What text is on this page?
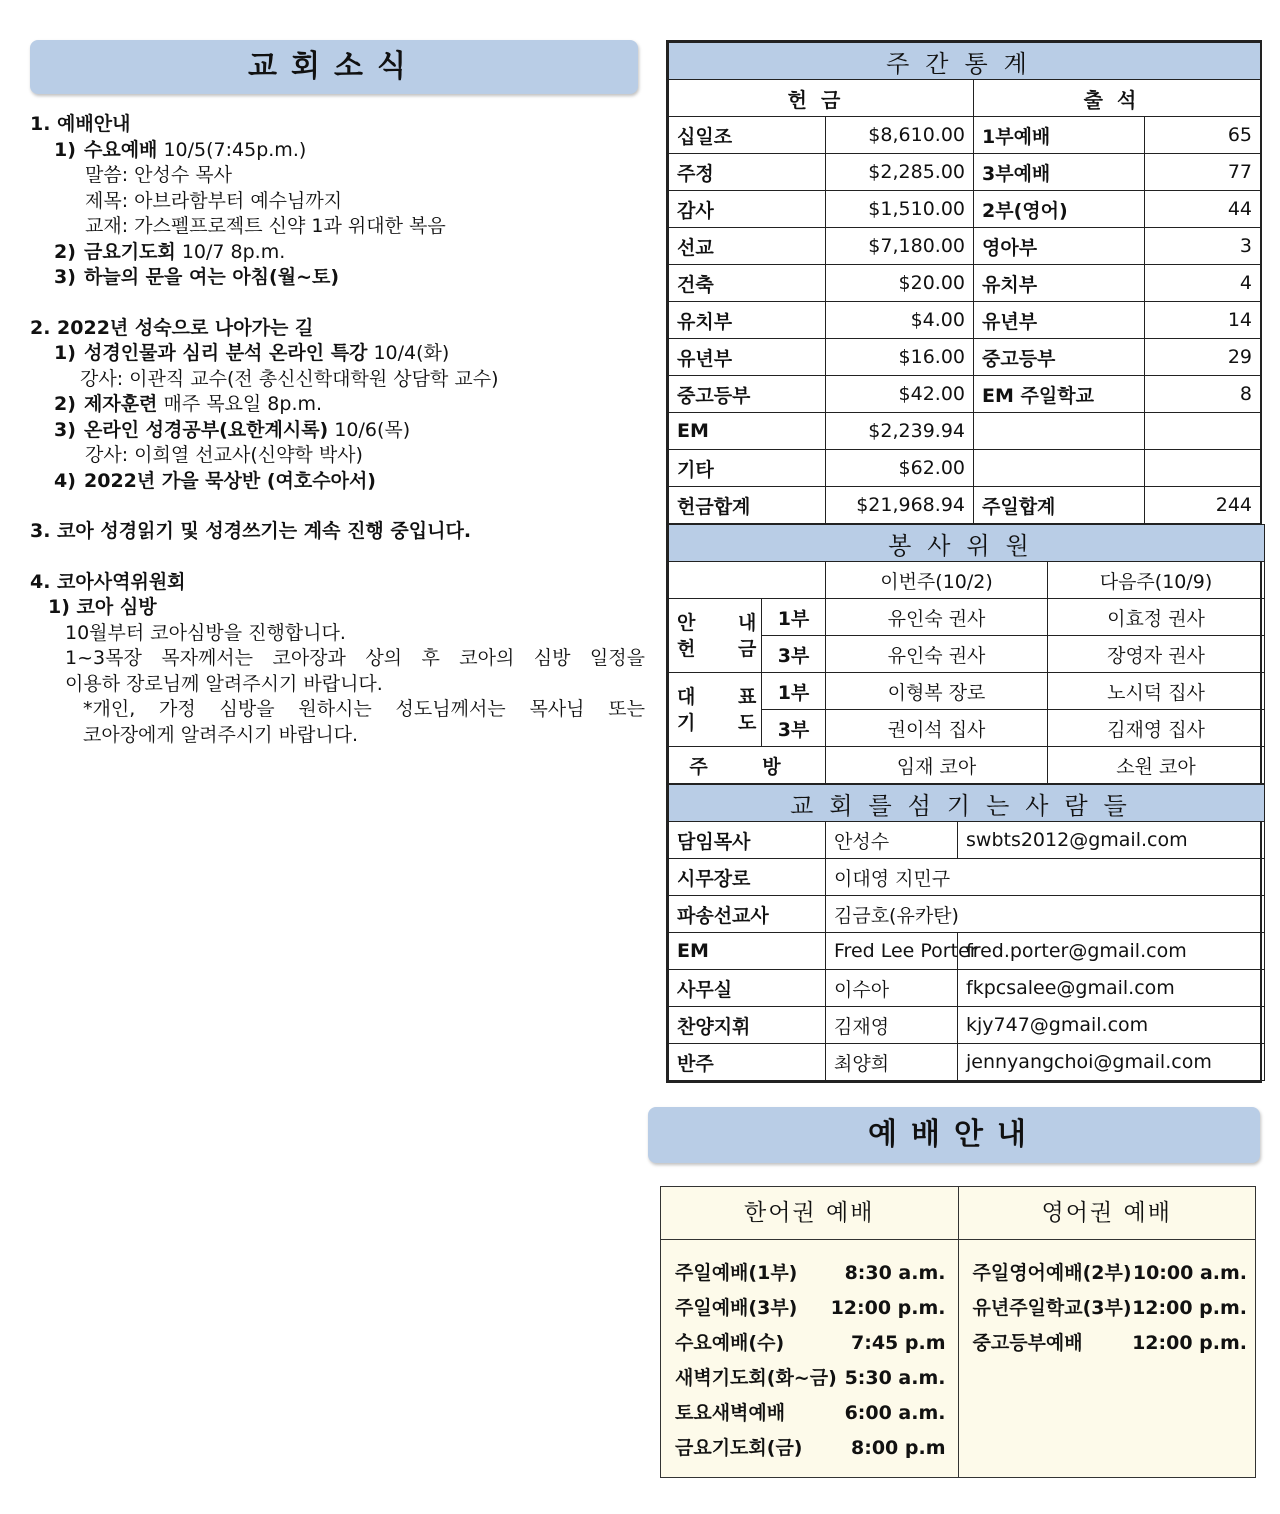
교회소식
1. 예배안내
1) 수요예배 10/5(7:45p.m.)
말씀: 안성수 목사
제목: 아브라함부터 예수님까지
교재: 가스펠프로젝트 신약 1과 위대한 복음
2) 금요기도회 10/7 8p.m.
3) 하늘의 문을 여는 아침(월~토)
2. 2022년 성숙으로 나아가는 길
1) 성경인물과 심리 분석 온라인 특강 10/4(화)
강사: 이관직 교수(전 총신신학대학원 상담학 교수)
2) 제자훈련 매주 목요일 8p.m.
3) 온라인 성경공부(요한계시록) 10/6(목)
강사: 이희열 선교사(신약학 박사)
4) 2022년 가을 묵상반 (여호수아서)
3. 코아 성경읽기 및 성경쓰기는 계속 진행 중입니다.
4. 코아사역위원회
1) 코아 심방
10월부터 코아심방을 진행합니다.
1~3목장 목자께서는 코아장과 상의 후 코아의 심방 일정을
이용하 장로님께 알려주시기 바랍니다.
*개인, 가정 심방을 원하시는 성도님께서는 목사님 또는
코아장에게 알려주시기 바랍니다.
주간통계			
헌금		출석	
십일조	$8,610.00	1부예배	65
주정	$2,285.00	3부예배	77
감사	$1,510.00	2부(영어)	44
선교	$7,180.00	영아부	3
건축	$20.00	유치부	4
유치부	$4.00	유년부	14
유년부	$16.00	중고등부	29
중고등부	$42.00	EM 주일학교	8
EM	$2,239.94		
기타	$62.00		
헌금합계	$21,968.94	주일합계	244
봉사위원			
		이번주(10/2)	다음주(10/9)

안 내
헌 금	1부	유인숙 권사	이효정 권사
	3부	유인숙 권사	장영자 권사

대 표
기 도	1부	이형복 장로	노시덕 집사
	3부	권이석 집사	김재영 집사
주 방		임재 코아	소원 코아
교회를섬기는사람들		
담임목사	안성수	swbts2012@gmail.com
시무장로	이대영 지민구	
파송선교사	김금호(유카탄)	
EM	Fred Lee Porter	fred.porter@gmail.com
사무실	이수아	fkpcsalee@gmail.com
찬양지휘	김재영	kjy747@gmail.com
반주	최양희	jennyangchoi@gmail.com
예배안내
한어권 예배
주일예배(1부) 8:30 a.m.
주일예배(3부) 12:00 p.m.
수요예배(수)	7:45 p.m
새벽기도회(화~금) 5:30 a.m.
토요새벽예배	6:00 a.m.
금요기도회(금)	8:00 p.m
영어권 예배
주일영어예배(2부) 10:00 a.m.
유년주일학교(3부) 12:00 p.m.
중고등부예배	12:00 p.m.
